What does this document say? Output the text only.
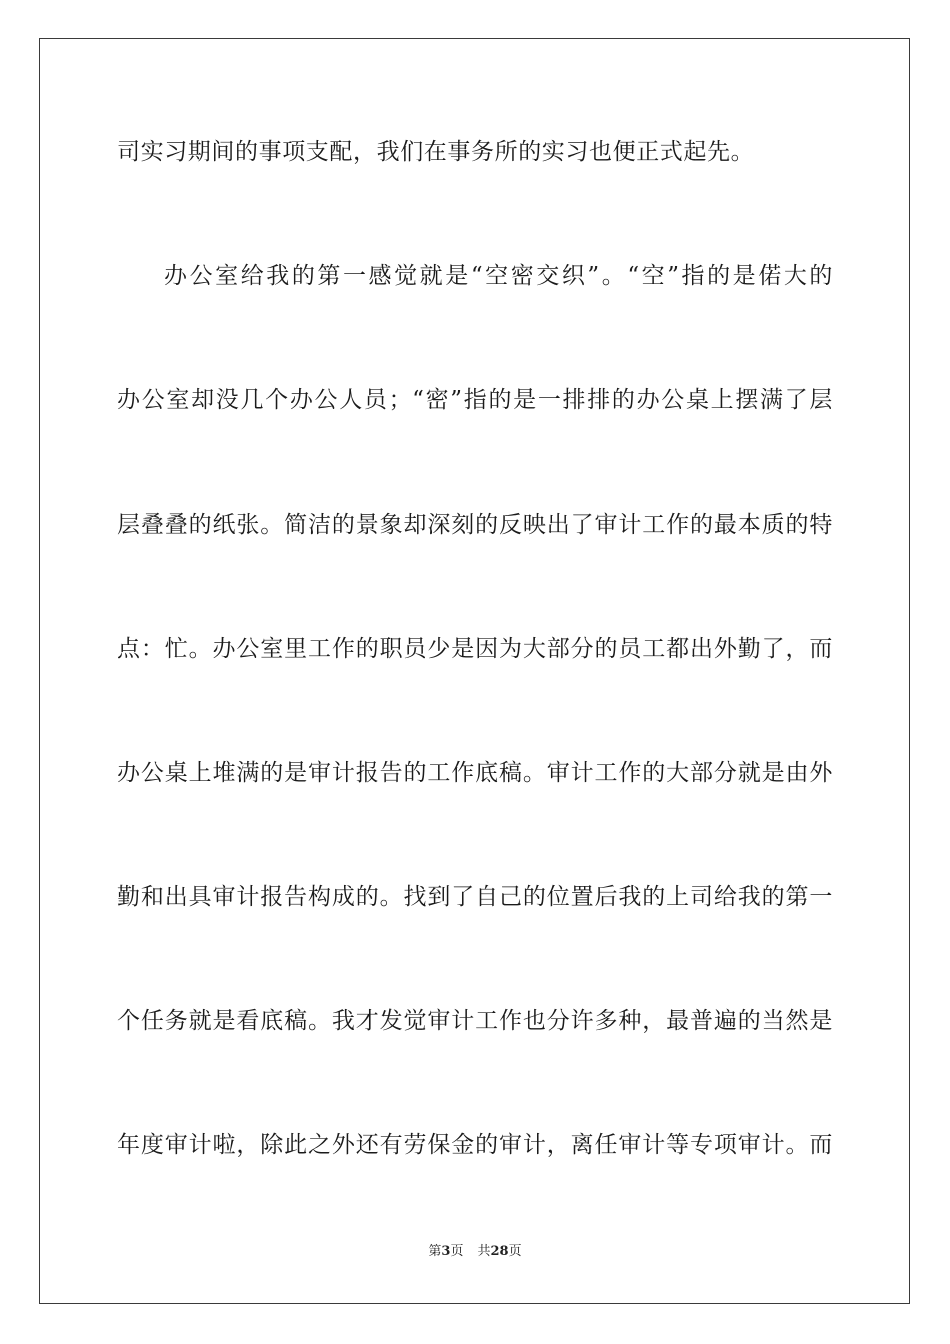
司实习期间的事项支配，我们在事务所的实习也便正式起先。
办公室给我的第一感觉就是“空密交织”。“空”指的是偌大的
办公室却没几个办公人员；“密”指的是一排排的办公桌上摆满了层
层叠叠的纸张。简洁的景象却深刻的反映出了审计工作的最本质的特
点：忙。办公室里工作的职员少是因为大部分的员工都出外勤了，而
办公桌上堆满的是审计报告的工作底稿。审计工作的大部分就是由外
勤和出具审计报告构成的。找到了自己的位置后我的上司给我的第一
个任务就是看底稿。我才发觉审计工作也分许多种，最普遍的当然是
年度审计啦，除此之外还有劳保金的审计，离任审计等专项审计。而
第3页 共28页
